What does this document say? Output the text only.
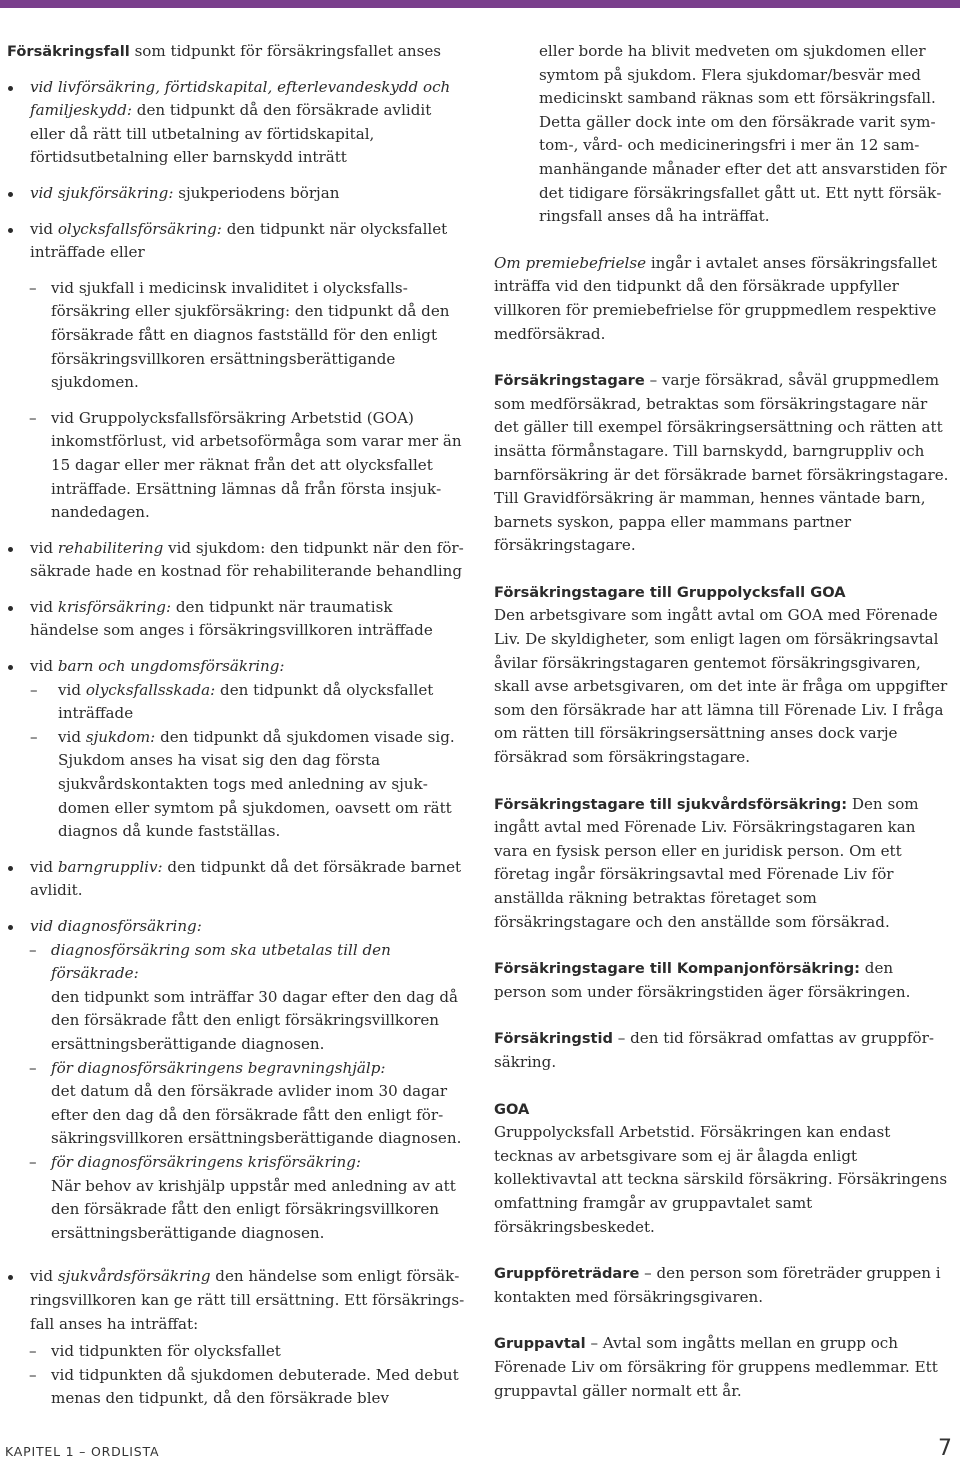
Försäkringsfall som tidpunkt för försäkringsfallet anses

vid livförsäkring, förtidskapital, efterlevandeskydd och familjeskydd: den tidpunkt då den försäkrade avlidit eller då rätt till utbetalning av förtidskapital, förtidsutbetalning eller barnskydd inträtt
vid sjukförsäkring: sjukperiodens början
vid olycksfallsförsäkring: den tidpunkt när olycksfallet inträffade eller
– vid sjukfall i medicinsk invaliditet i olycksfallsförsäkring eller sjukförsäkring: den tidpunkt då den försäkrade fått en diagnos fastställd för den enligt försäkringsvillkoren ersättningsberättigande sjukdomen.
– vid Gruppolycksfallsförsäkring Arbetstid (GOA) inkomstförlust, vid arbetsoförmåga som varar mer än 15 dagar eller mer räknat från det att olycksfallet inträffade. Ersättning lämnas då från första insjuknandedagen.
vid rehabilitering vid sjukdom: den tidpunkt när den försäkrade hade en kostnad för rehabiliterande behandling
vid krisförsäkring: den tidpunkt när traumatisk händelse som anges i försäkringsvillkoren inträffade
vid barn och ungdomsförsäkring:
– vid olycksfallsskada: den tidpunkt då olycksfallet inträffade
– vid sjukdom: den tidpunkt då sjukdomen visade sig. Sjukdom anses ha visat sig den dag första sjukvårdskontakten togs med anledning av sjukdomen eller symtom på sjukdomen, oavsett om rätt diagnos då kunde fastställas.
vid barngruppliv: den tidpunkt då det försäkrade barnet avlidit.
vid diagnosförsäkring:
– diagnosförsäkring som ska utbetalas till den försäkrade:
den tidpunkt som inträffar 30 dagar efter den dag då den försäkrade fått den enligt försäkringsvillkoren ersättningsberättigande diagnosen.
– för diagnosförsäkringens begravningshjälp:
det datum då den försäkrade avlider inom 30 dagar efter den dag då den försäkrade fått den enligt försäkringsvillkoren ersättningsberättigande diagnosen.
– för diagnosförsäkringens krisförsäkring:
När behov av krishjälp uppstår med anledning av att den försäkrade fått den enligt försäkringsvillkoren ersättningsberättigande diagnosen.
vid sjukvårdsförsäkring den händelse som enligt försäkringsvillkoren kan ge rätt till ersättning. Ett försäkringsfall anses ha inträffat:
– vid tidpunkten för olycksfallet
– vid tidpunkten då sjukdomen debuterade. Med debut menas den tidpunkt, då den försäkrade blev

eller borde ha blivit medveten om sjukdomen eller symtom på sjukdom. Flera sjukdomar/besvär med medicinskt samband räknas som ett försäkringsfall. Detta gäller dock inte om den försäkrade varit symtom-, vård- och medicineringsfri i mer än 12 sammanhängande månader efter det att ansvarstiden för det tidigare försäkringsfallet gått ut. Ett nytt försäkringsfall anses då ha inträffat.

Om premiebefrielse ingår i avtalet anses försäkringsfallet inträffa vid den tidpunkt då den försäkrade uppfyller villkoren för premiebefrielse för gruppmedlem respektive medförsäkrad.

Försäkringstagare – varje försäkrad, såväl gruppmedlem som medförsäkrad, betraktas som försäkringstagare när det gäller till exempel försäkringsersättning och rätten att insätta förmånstagare. Till barnskydd, barngruppliv och barnförsäkring är det försäkrade barnet försäkringstagare. Till Gravidförsäkring är mamman, hennes väntade barn, barnets syskon, pappa eller mammans partner försäkringstagare.

Försäkringstagare till Gruppolycksfall GOA
Den arbetsgivare som ingått avtal om GOA med Förenade Liv. De skyldigheter, som enligt lagen om försäkringsavtal åvilar försäkringstagaren gentemot försäkringsgivaren, skall avse arbetsgivaren, om det inte är fråga om uppgifter som den försäkrade har att lämna till Förenade Liv. I fråga om rätten till försäkringsersättning anses dock varje försäkrad som försäkringstagare.

Försäkringstagare till sjukvårdsförsäkring: Den som ingått avtal med Förenade Liv. Försäkringstagaren kan vara en fysisk person eller en juridisk person. Om ett företag ingår försäkringsavtal med Förenade Liv för anställda räkning betraktas företaget som försäkringstagare och den anställde som försäkrad.

Försäkringstagare till Kompanjonförsäkring: den person som under försäkringstiden äger försäkringen.

Försäkringstid – den tid försäkrad omfattas av gruppförsäkring.

GOA
Gruppolycksfall Arbetstid. Försäkringen kan endast tecknas av arbetsgivare som ej är ålagda enligt kollektivavtal att teckna särskild försäkring. Försäkringens omfattning framgår av gruppavtalet samt försäkringsbeskedet.

Gruppföreträdare – den person som företräder gruppen i kontakten med försäkringsgivaren.

Gruppavtal – Avtal som ingåtts mellan en grupp och Förenade Liv om försäkring för gruppens medlemmar. Ett gruppavtal gäller normalt ett år.

KAPITEL 1 – ORDLISTA	7
